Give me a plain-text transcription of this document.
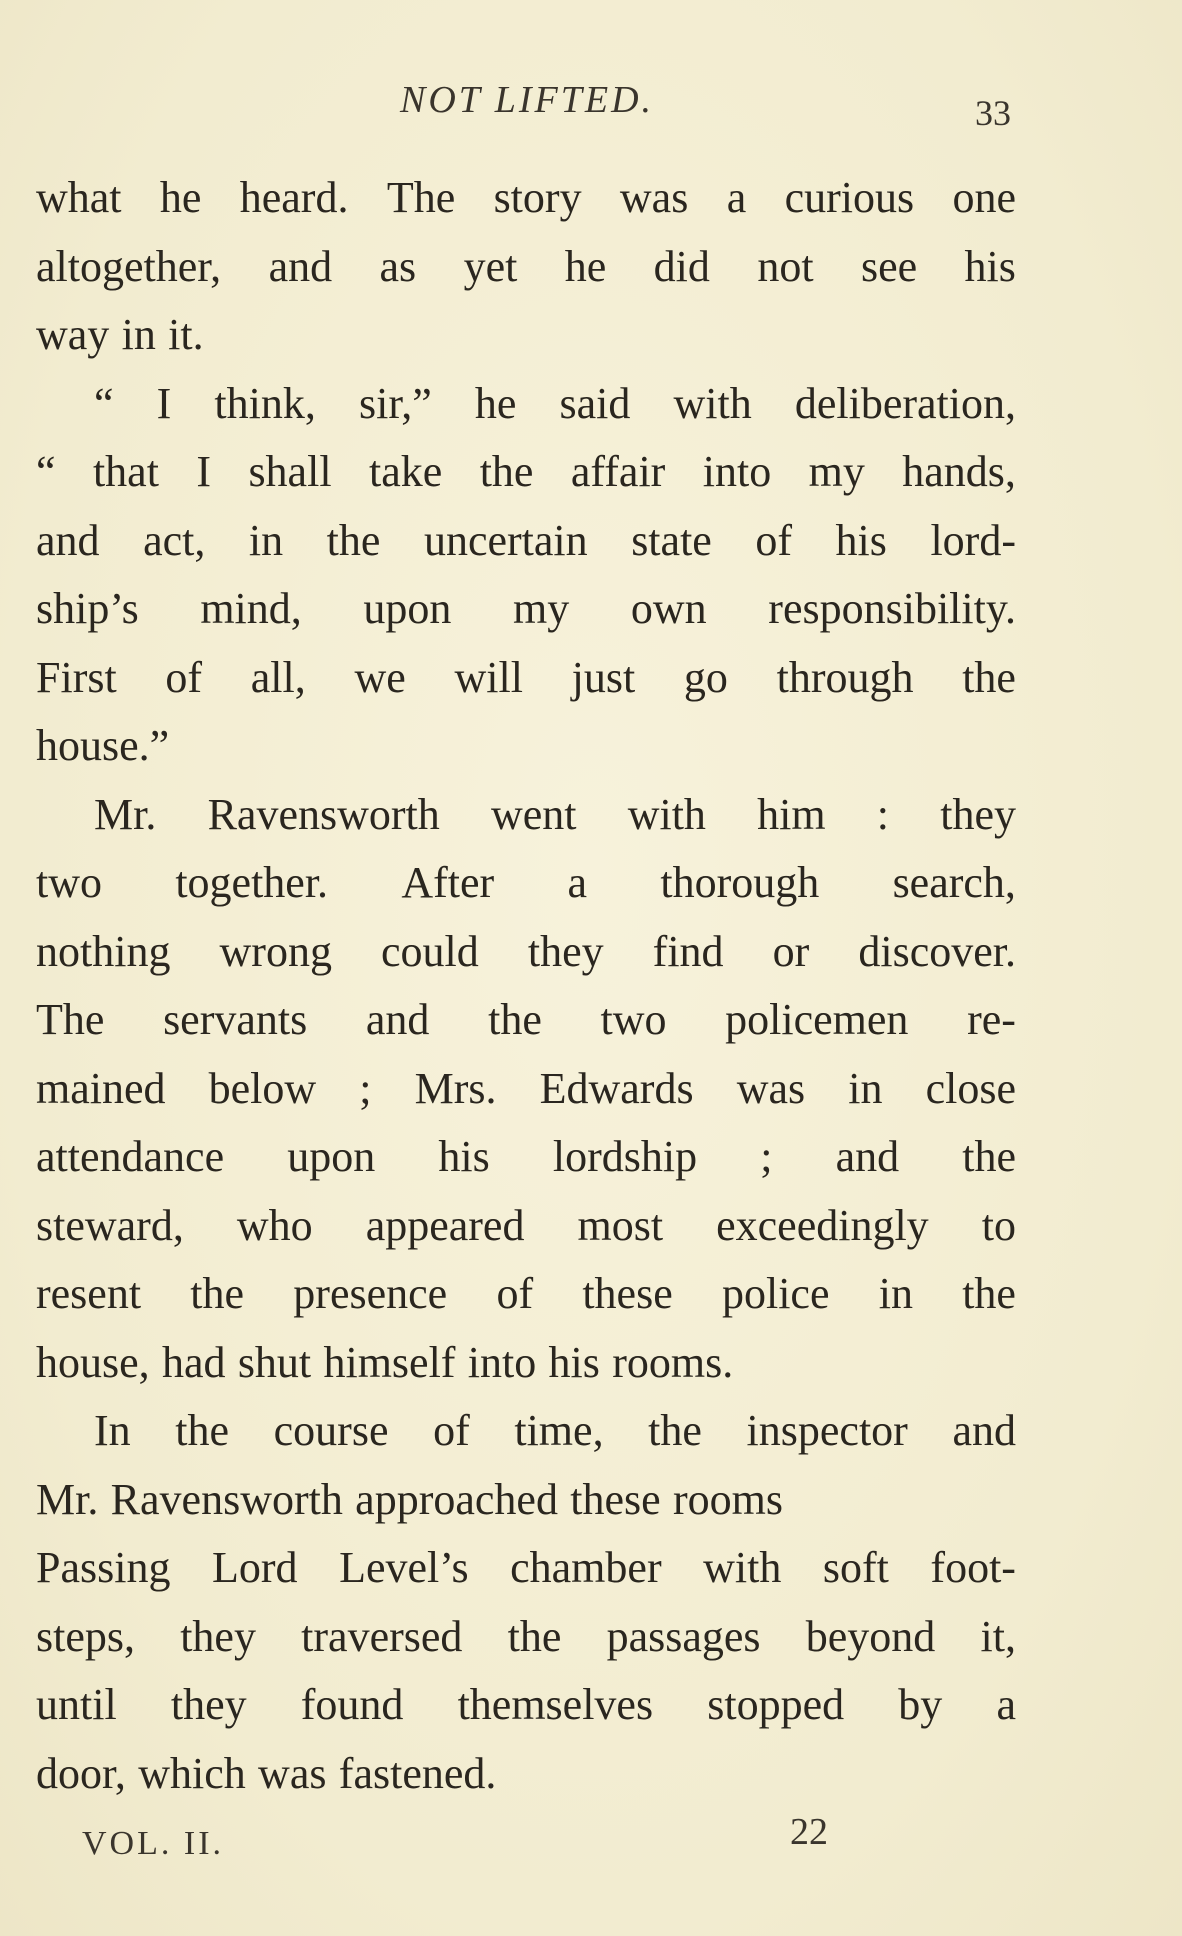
NOT LIFTED.	33
what he heard. The story was a curious one
altogether, and as yet he did not see his
way in it.
“ I think, sir,” he said with deliberation,
“ that I shall take the affair into my hands,
and act, in the uncertain state of his lord-
ship’s mind, upon my own responsibility.
First of all, we will just go through the
house.”
Mr. Ravensworth went with him : they
two together. After a thorough search,
nothing wrong could they find or discover.
The servants and the two policemen re-
mained below ; Mrs. Edwards was in close
attendance upon his lordship ; and the
steward, who appeared most exceedingly to
resent the presence of these police in the
house, had shut himself into his rooms.
In the course of time, the inspector and
Mr. Ravensworth approached these rooms
Passing Lord Level’s chamber with soft foot-
steps, they traversed the passages beyond it,
until they found themselves stopped by a
door, which was fastened.
VOL. II.	22
